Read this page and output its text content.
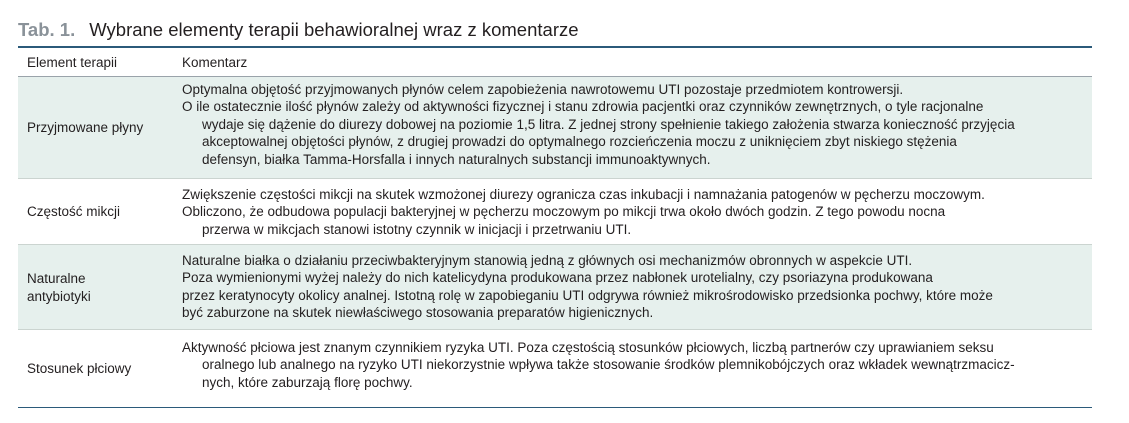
Tab. 1. Wybrane elementy terapii behawioralnej wraz z komentarze
Element terapii	Komentarz
Przyjmowane płyny
Optymalna objętość przyjmowanych płynów celem zapobieżenia nawrotowemu UTI pozostaje przedmiotem kontrowersji.
O ile ostatecznie ilość płynów zależy od aktywności fizycznej i stanu zdrowia pacjentki oraz czynników zewnętrznych, o tyle racjonalne
wydaje się dążenie do diurezy dobowej na poziomie 1,5 litra. Z jednej strony spełnienie takiego założenia stwarza konieczność przyjęcia
akceptowalnej objętości płynów, z drugiej prowadzi do optymalnego rozcieńczenia moczu z uniknięciem zbyt niskiego stężenia
defensyn, białka Tamma-Horsfalla i innych naturalnych substancji immunoaktywnych.
Częstość mikcji
Zwiększenie częstości mikcji na skutek wzmożonej diurezy ogranicza czas inkubacji i namnażania patogenów w pęcherzu moczowym.
Obliczono, że odbudowa populacji bakteryjnej w pęcherzu moczowym po mikcji trwa około dwóch godzin. Z tego powodu nocna
przerwa w mikcjach stanowi istotny czynnik w inicjacji i przetrwaniu UTI.
Naturalne
antybiotyki
Naturalne białka o działaniu przeciwbakteryjnym stanowią jedną z głównych osi mechanizmów obronnych w aspekcie UTI.
Poza wymienionymi wyżej należy do nich katelicydyna produkowana przez nabłonek urotelialny, czy psoriazyna produkowana
przez keratynocyty okolicy analnej. Istotną rolę w zapobieganiu UTI odgrywa również mikrośrodowisko przedsionka pochwy, które może
być zaburzone na skutek niewłaściwego stosowania preparatów higienicznych.
Stosunek płciowy
Aktywność płciowa jest znanym czynnikiem ryzyka UTI. Poza częstością stosunków płciowych, liczbą partnerów czy uprawianiem seksu
oralnego lub analnego na ryzyko UTI niekorzystnie wpływa także stosowanie środków plemnikobójczych oraz wkładek wewnątrzmacicz-
nych, które zaburzają florę pochwy.
